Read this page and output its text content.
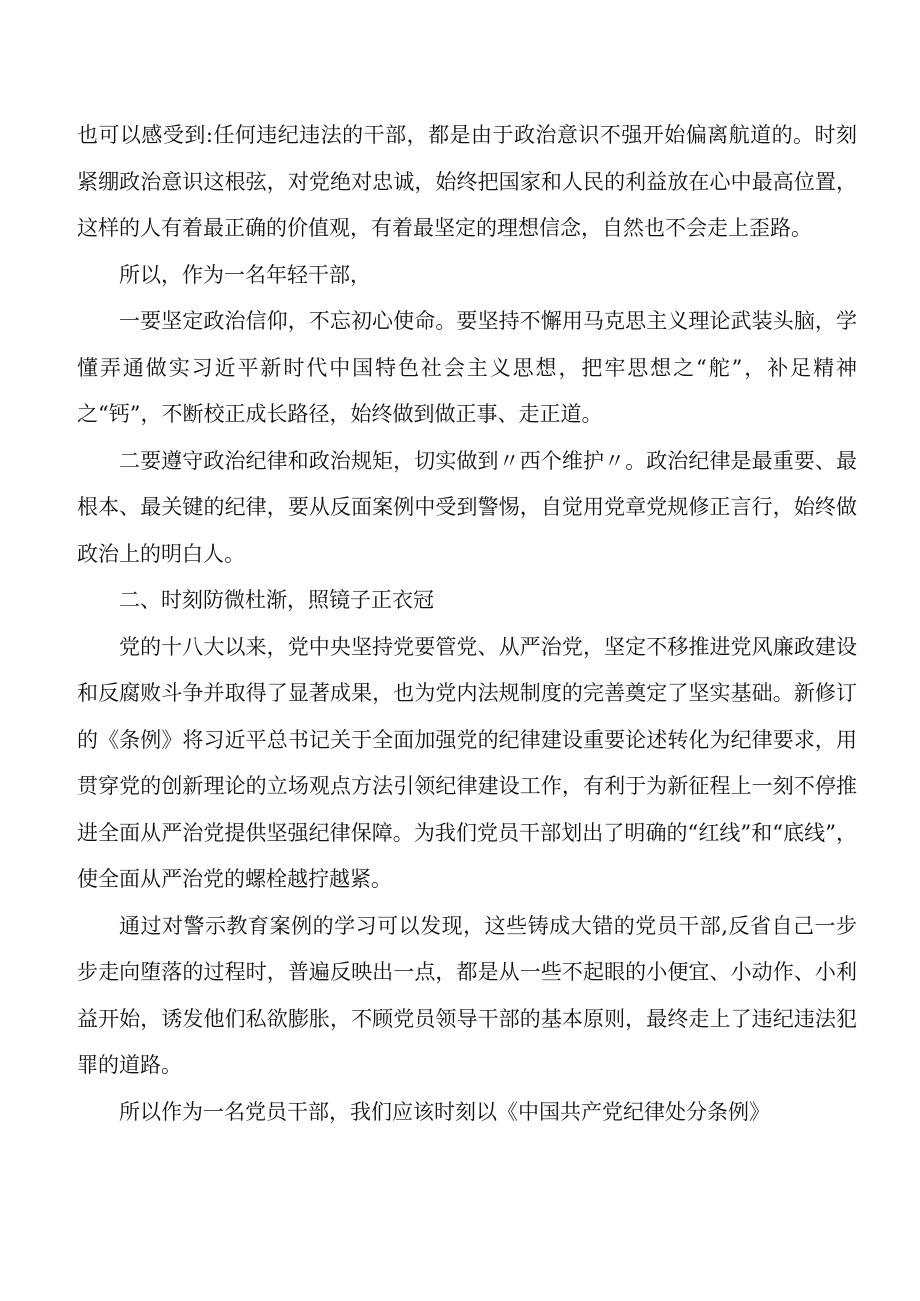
也可以感受到:任何违纪违法的干部，都是由于政治意识不强开始偏离航道的。时刻紧绷政治意识这根弦，对党绝对忠诚，始终把国家和人民的利益放在心中最高位置，这样的人有着最正确的价值观，有着最坚定的理想信念，自然也不会走上歪路。

所以，作为一名年轻干部，

一要坚定政治信仰，不忘初心使命。要坚持不懈用马克思主义理论武装头脑，学懂弄通做实习近平新时代中国特色社会主义思想，把牢思想之“舵”，补足精神之“钙”，不断校正成长路径，始终做到做正事、走正道。

二要遵守政治纪律和政治规矩，切实做到〃西个维护〃。政治纪律是最重要、最根本、最关键的纪律，要从反面案例中受到警惕，自觉用党章党规修正言行，始终做政治上的明白人。

二、时刻防微杜渐，照镜子正衣冠

党的十八大以来，党中央坚持党要管党、从严治党，坚定不移推进党风廉政建设和反腐败斗争并取得了显著成果，也为党内法规制度的完善奠定了坚实基础。新修订的《条例》将习近平总书记关于全面加强党的纪律建设重要论述转化为纪律要求，用贯穿党的创新理论的立场观点方法引领纪律建设工作，有利于为新征程上一刻不停推进全面从严治党提供坚强纪律保障。为我们党员干部划出了明确的“红线”和“底线”，使全面从严治党的螺栓越拧越紧。

通过对警示教育案例的学习可以发现，这些铸成大错的党员干部,反省自己一步步走向堕落的过程时，普遍反映出一点，都是从一些不起眼的小便宜、小动作、小利益开始，诱发他们私欲膨胀，不顾党员领导干部的基本原则，最终走上了违纪违法犯罪的道路。

所以作为一名党员干部，我们应该时刻以《中国共产党纪律处分条例》
